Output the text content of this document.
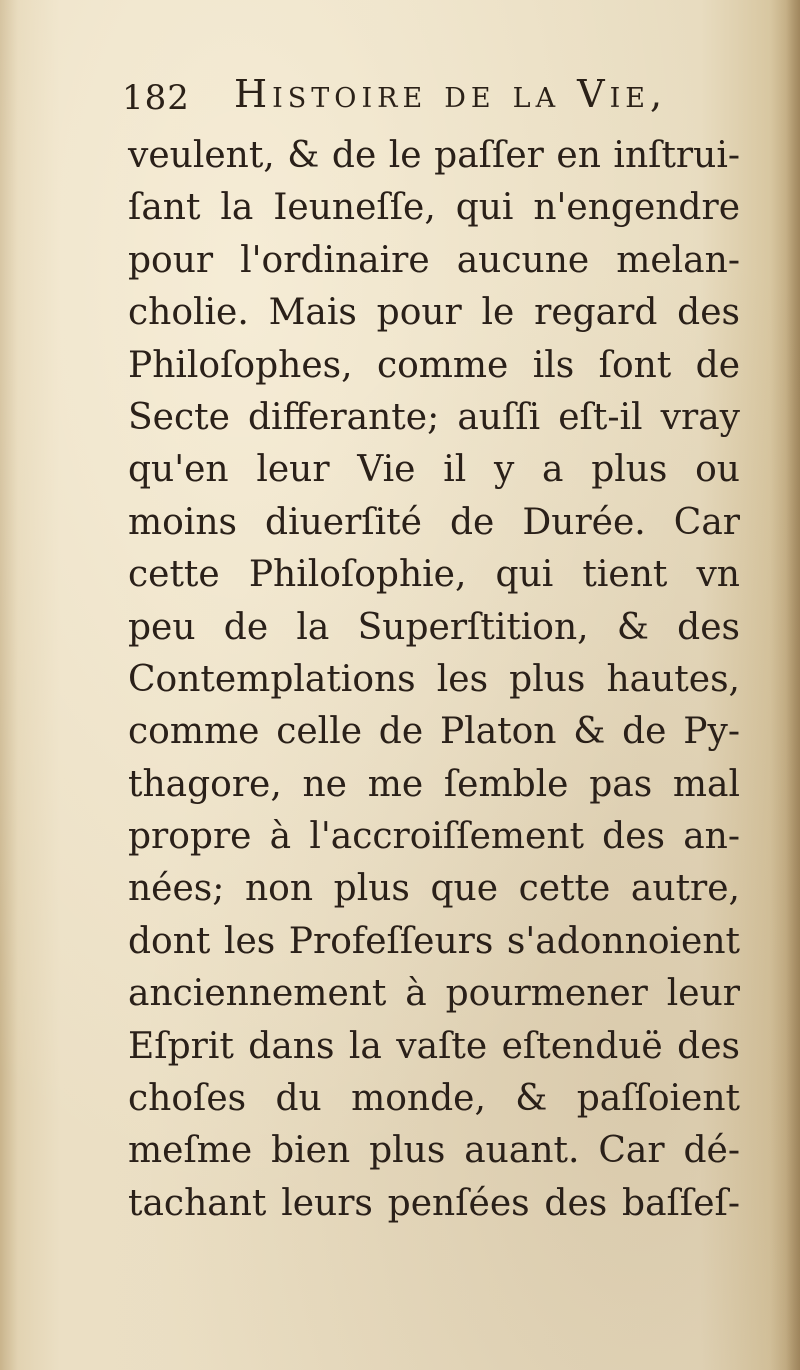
182 Histoire de la Vie,
veulent, & de le paſſer en inſtrui-
ſant la Ieuneſſe, qui n'engendre
pour l'ordinaire aucune melan-
cholie. Mais pour le regard des
Philoſophes, comme ils ſont de
Secte differante; auſſi eſt-il vray
qu'en leur Vie il y a plus ou
moins diuerſité de Durée. Car
cette Philoſophie, qui tient vn
peu de la Superſtition, & des
Contemplations les plus hautes,
comme celle de Platon & de Py-
thagore, ne me ſemble pas mal
propre à l'accroiſſement des an-
nées; non plus que cette autre,
dont les Profeſſeurs s'adonnoient
anciennement à pourmener leur
Eſprit dans la vaſte eſtenduë des
choſes du monde, & paſſoient
meſme bien plus auant. Car dé-
tachant leurs penſées des baſſeſ-
